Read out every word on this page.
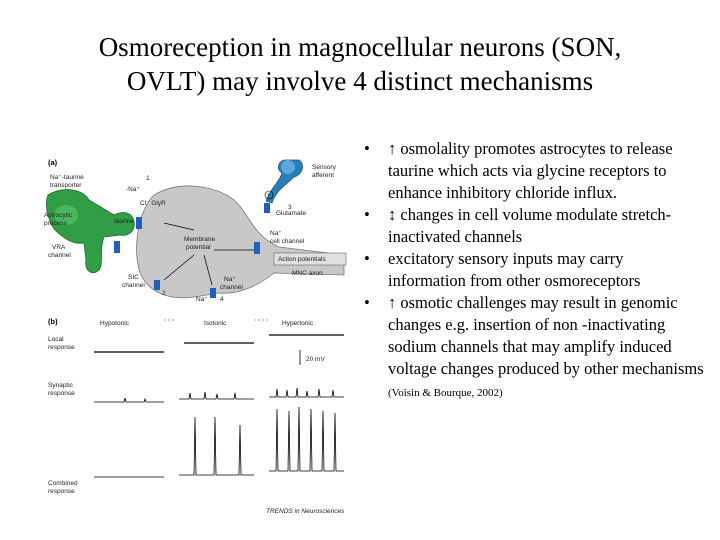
Osmoreception in magnocellular neurons (SON,
OVLT) may involve 4 distinct mechanisms
(a)
Na⁺-taurine
transporter
1
-Na⁺
Cl⁻ GlyR
taurine
Astrocytic
process
VRA
channel
Membrane
potential
Sensory
afferent
Glutamate
3
+
Na⁺
cell channel
Action potentials
MNC axon
SIC
channel
2
Na⁺
channel
Na⁺ 4
(b)	Hypotonic	Isotonic	Hypertonic
Local
response
20 mV
Synaptic
response
Combined
response
TRENDS in Neurosciences
• ↑ osmolality promotes astrocytes to release taurine which acts via glycine receptors to enhance inhibitory chloride influx.
• ↕ changes in cell volume modulate stretch-inactivated channels
• excitatory sensory inputs may carry information from other osmoreceptors
• ↑ osmotic challenges may result in genomic changes e.g. insertion of non -inactivating sodium channels that may amplify induced voltage changes produced by other mechanisms (Voisin & Bourque, 2002)
